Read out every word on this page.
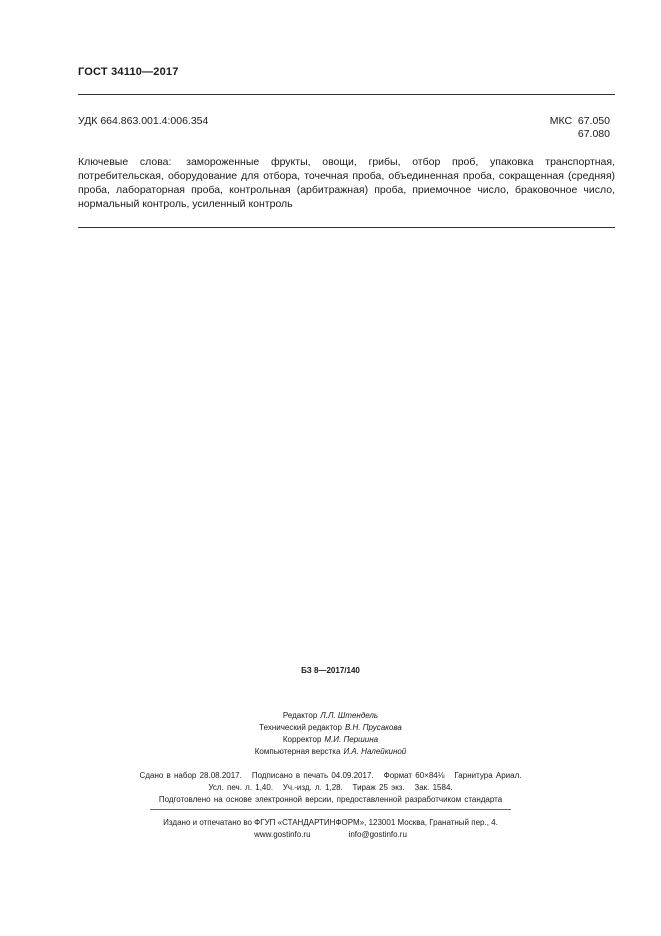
ГОСТ 34110—2017
УДК 664.863.001.4:006.354	МКС 67.050
67.080
Ключевые слова: замороженные фрукты, овощи, грибы, отбор проб, упаковка транспортная, потребительская, оборудование для отбора, точечная проба, объединенная проба, сокращенная (средняя) проба, лабораторная проба, контрольная (арбитражная) проба, приемочное число, браковочное число, нормальный контроль, усиленный контроль
БЗ 8—2017/140
Редактор Л.Л. Штендель
Технический редактор В.Н. Прусакова
Корректор М.И. Першина
Компьютерная верстка И.А. Налейкиной
Сдано в набор 28.08.2017. Подписано в печать 04.09.2017. Формат 60×84⅛ Гарнитура Ариал.
Усл. печ. л. 1,40. Уч.-изд. л. 1,28. Тираж 25 экз. Зак. 1584.
Подготовлено на основе электронной версии, предоставленной разработчиком стандарта
Издано и отпечатано во ФГУП «СТАНДАРТИНФОРМ», 123001 Москва, Гранатный пер., 4.
www.gostinfo.ru	info@gostinfo.ru
